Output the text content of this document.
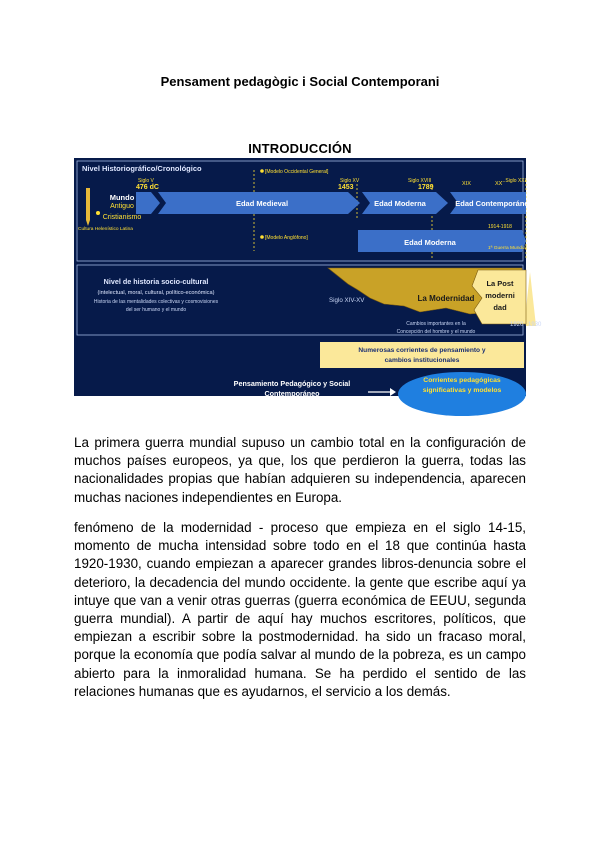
Pensament pedagògic i Social Contemporani
INTRODUCCIÓN
Nivel Historiográfico/Cronológico	[Modelo Occidental General]
[Modelo Anglófono]
Siglo V
476 dC
Siglo XV
1453
Siglo XVIII
1789	XIX	XX
...Siglo XXI
Mundo
Antiguo
Cristianismo
Cultura Helenístico Latina
Edad Medieval	Edad Moderna	Edad Contemporánea
Edad Moderna
1914-1918
1ª Guerra Mundial
Nivel de historia socio-cultural
(intelectual, moral, cultural, político-económica)
Historia de las mentalidades colectivas y cosmovisiones
del ser humano y el mundo
Siglo XIV-XV	La Modernidad
La Post
moderni
dad
Cambios importantes en la
Concepción del hombre y el mundo
1920 1930
Numerosas corrientes de pensamiento y
cambios institucionales
Pensamiento Pedagógico y Social
Contemporáneo
Corrientes pedagógicas
significativas y modelos

La primera guerra mundial supuso un cambio total en la configuración de muchos países europeos, ya que, los que perdieron la guerra, todas las nacionalidades propias que habían adquieren su independencia, aparecen muchas naciones independientes en Europa.

fenómeno de la modernidad - proceso que empieza en el siglo 14-15, momento de mucha intensidad sobre todo en el 18 que continúa hasta 1920-1930, cuando empiezan a aparecer grandes libros-denuncia sobre el deterioro, la decadencia del mundo occidente. la gente que escribe aquí ya intuye que van a venir otras guerras (guerra económica de EEUU, segunda guerra mundial). A partir de aquí hay muchos escritores, políticos, que empiezan a escribir sobre la postmodernidad. ha sido un fracaso moral, porque la economía que podía salvar al mundo de la pobreza, es un campo abierto para la inmoralidad humana. Se ha perdido el sentido de las relaciones humanas que es ayudarnos, el servicio a los demás.
